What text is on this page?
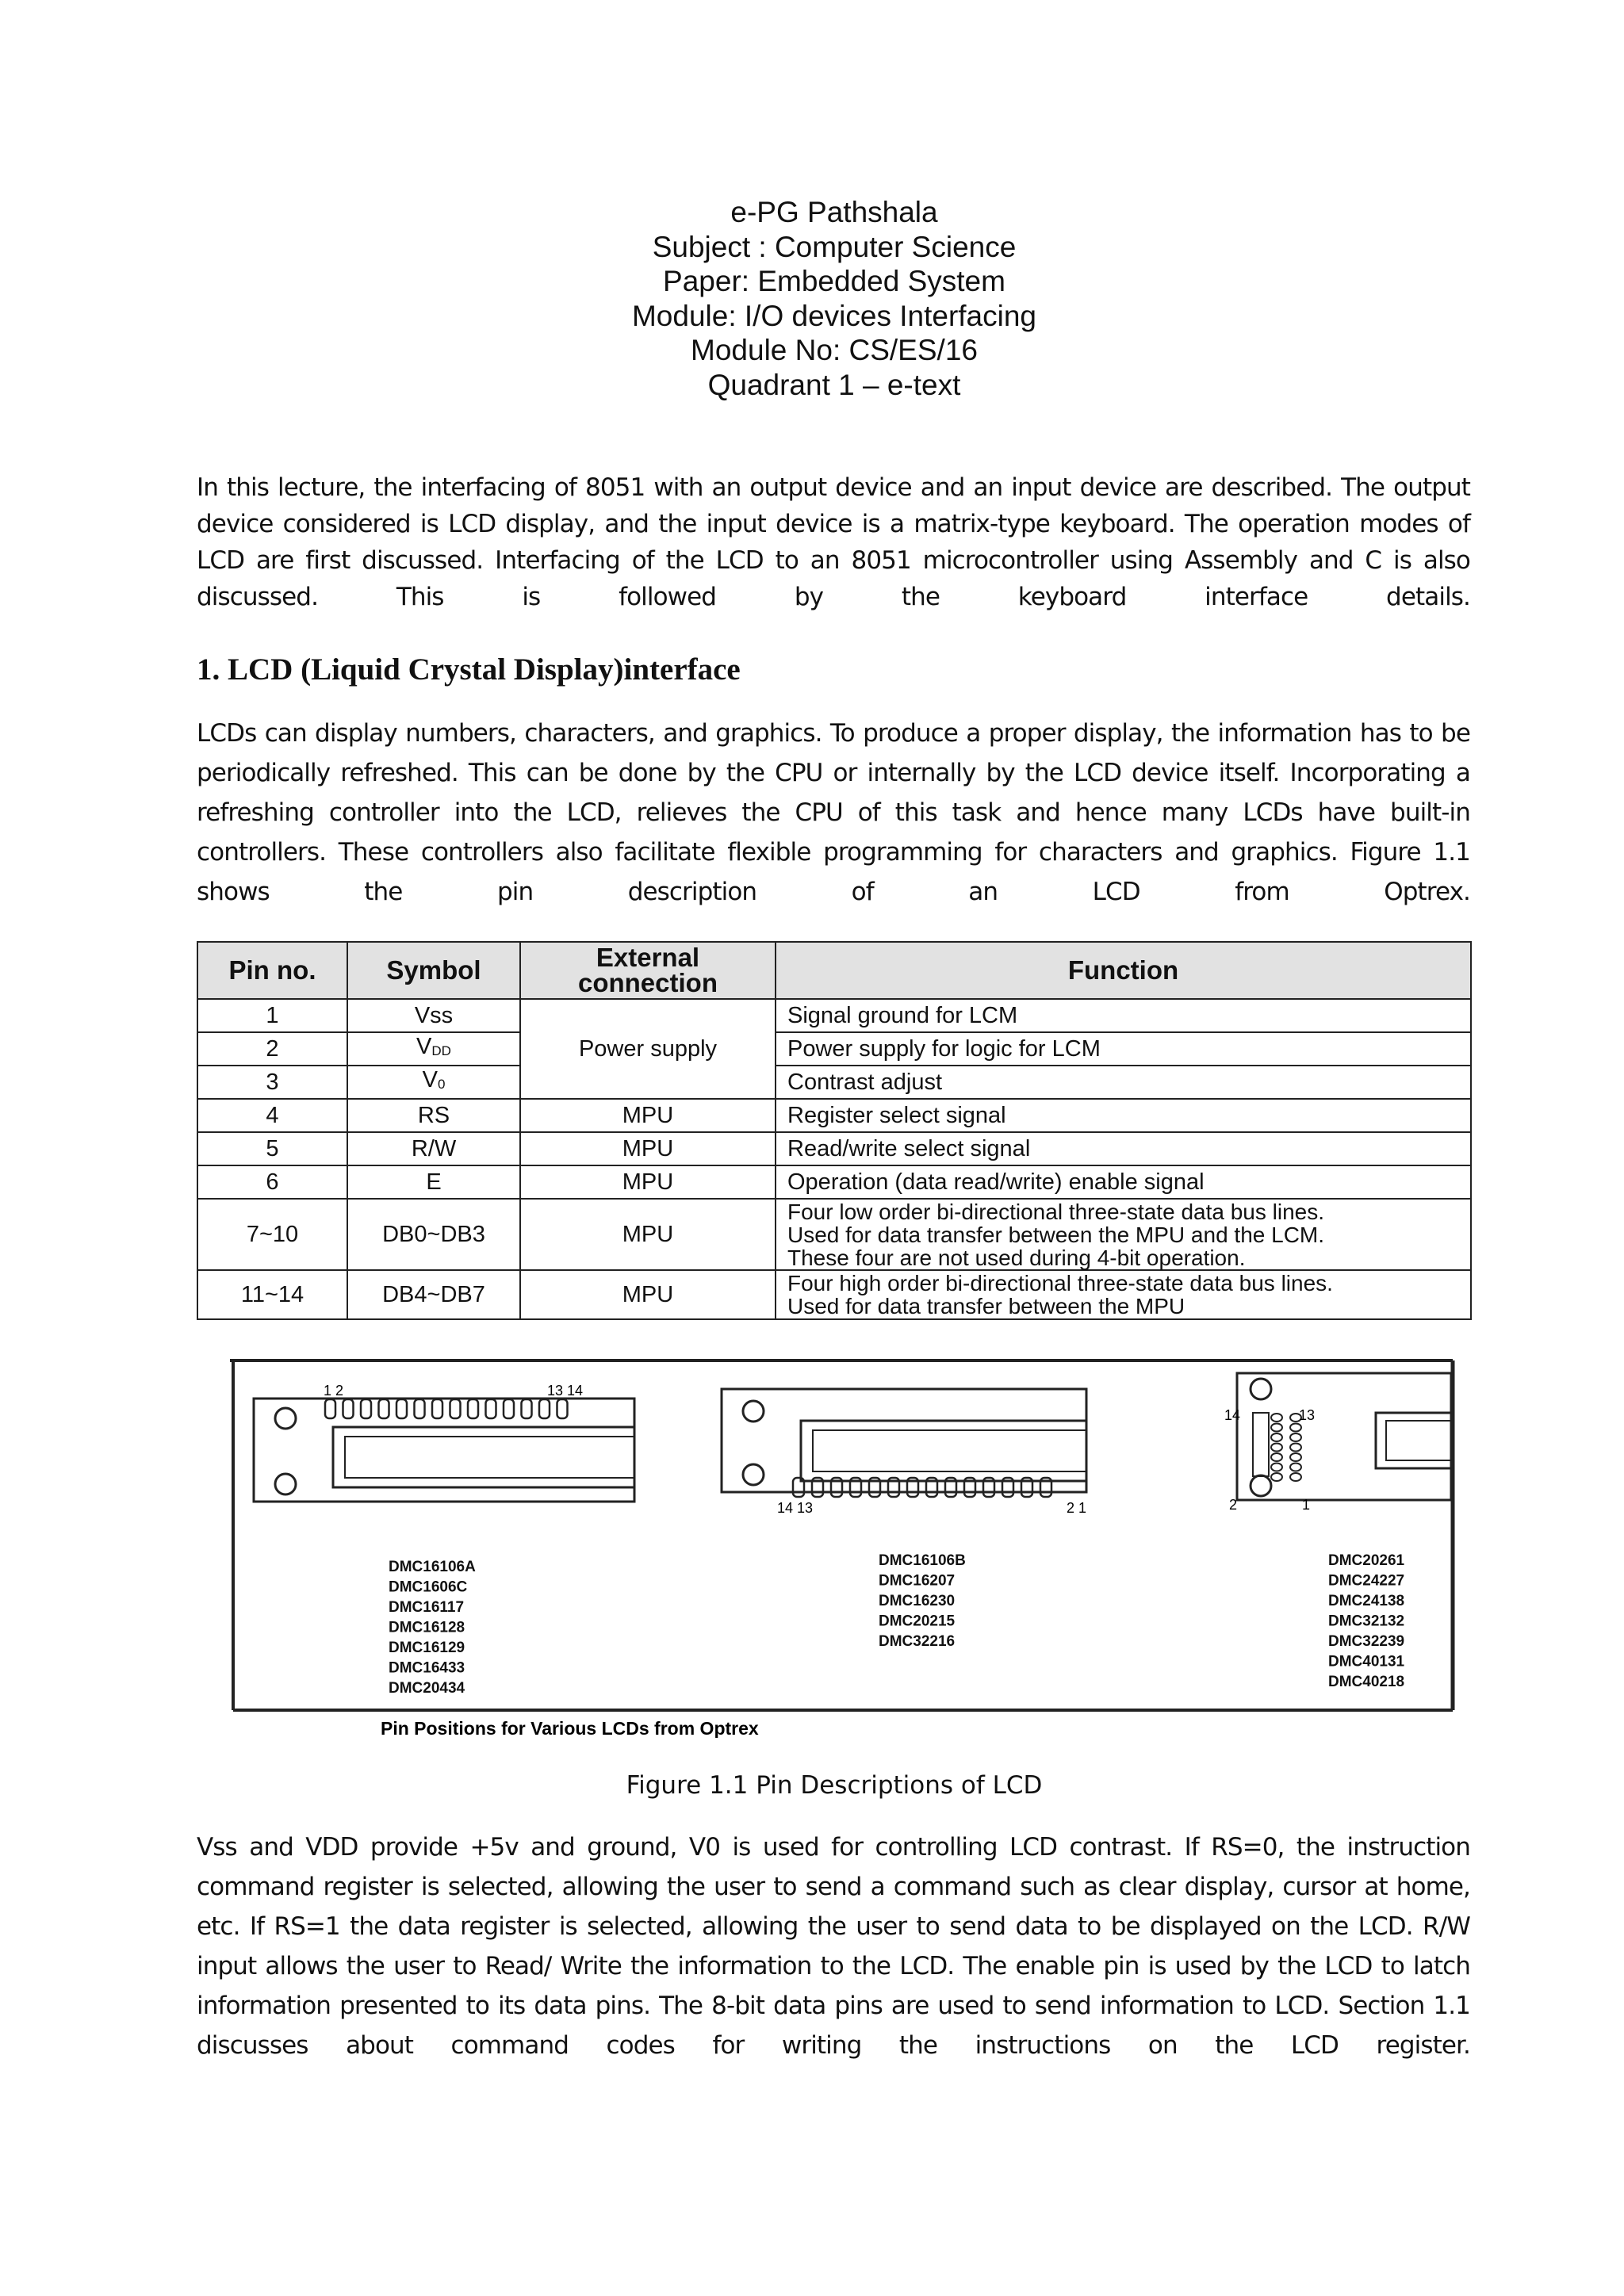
e-PG Pathshala
Subject : Computer Science
Paper: Embedded System
Module: I/O devices Interfacing
Module No: CS/ES/16
Quadrant 1 – e-text

In this lecture, the interfacing of 8051 with an output device and an input device are described. The output device considered is LCD display, and the input device is a matrix-type keyboard. The operation modes of LCD are first discussed. Interfacing of the LCD to an 8051 microcontroller using Assembly and C is also discussed. This is followed by the keyboard interface details.

1. LCD (Liquid Crystal Display)interface

LCDs can display numbers, characters, and graphics. To produce a proper display, the information has to be periodically refreshed. This can be done by the CPU or internally by the LCD device itself. Incorporating a refreshing controller into the LCD, relieves the CPU of this task and hence many LCDs have built-in controllers. These controllers also facilitate flexible programming for characters and graphics. Figure 1.1 shows the pin description of an LCD from Optrex.

Pin no.	Symbol	External connection	Function
1	Vss	Power supply	Signal ground for LCM
2	VDD		Power supply for logic for LCM
3	V0		Contrast adjust
4	RS	MPU	Register select signal
5	R/W	MPU	Read/write select signal
6	E	MPU	Operation (data read/write) enable signal
7~10	DB0~DB3	MPU	Four low order bi-directional three-state data bus lines.
Used for data transfer between the MPU and the LCM.
These four are not used during 4-bit operation.

11~14	DB4~DB7	MPU	Four high order bi-directional three-state data bus lines.
Used for data transfer between the MPU
1 2	13 14
14 13	2 1
14	13
2	1
DMC16106A
DMC1606C
DMC16117
DMC16128
DMC16129
DMC16433
DMC20434
DMC16106B
DMC16207
DMC16230
DMC20215
DMC32216
DMC20261
DMC24227
DMC24138
DMC32132
DMC32239
DMC40131
DMC40218
Pin Positions for Various LCDs from Optrex
Figure 1.1 Pin Descriptions of LCD

Vss and VDD provide +5v and ground, V0 is used for controlling LCD contrast. If RS=0, the instruction command register is selected, allowing the user to send a command such as clear display, cursor at home, etc. If RS=1 the data register is selected, allowing the user to send data to be displayed on the LCD. R/W input allows the user to Read/ Write the information to the LCD. The enable pin is used by the LCD to latch information presented to its data pins. The 8-bit data pins are used to send information to LCD. Section 1.1 discusses about command codes for writing the instructions on the LCD register.
